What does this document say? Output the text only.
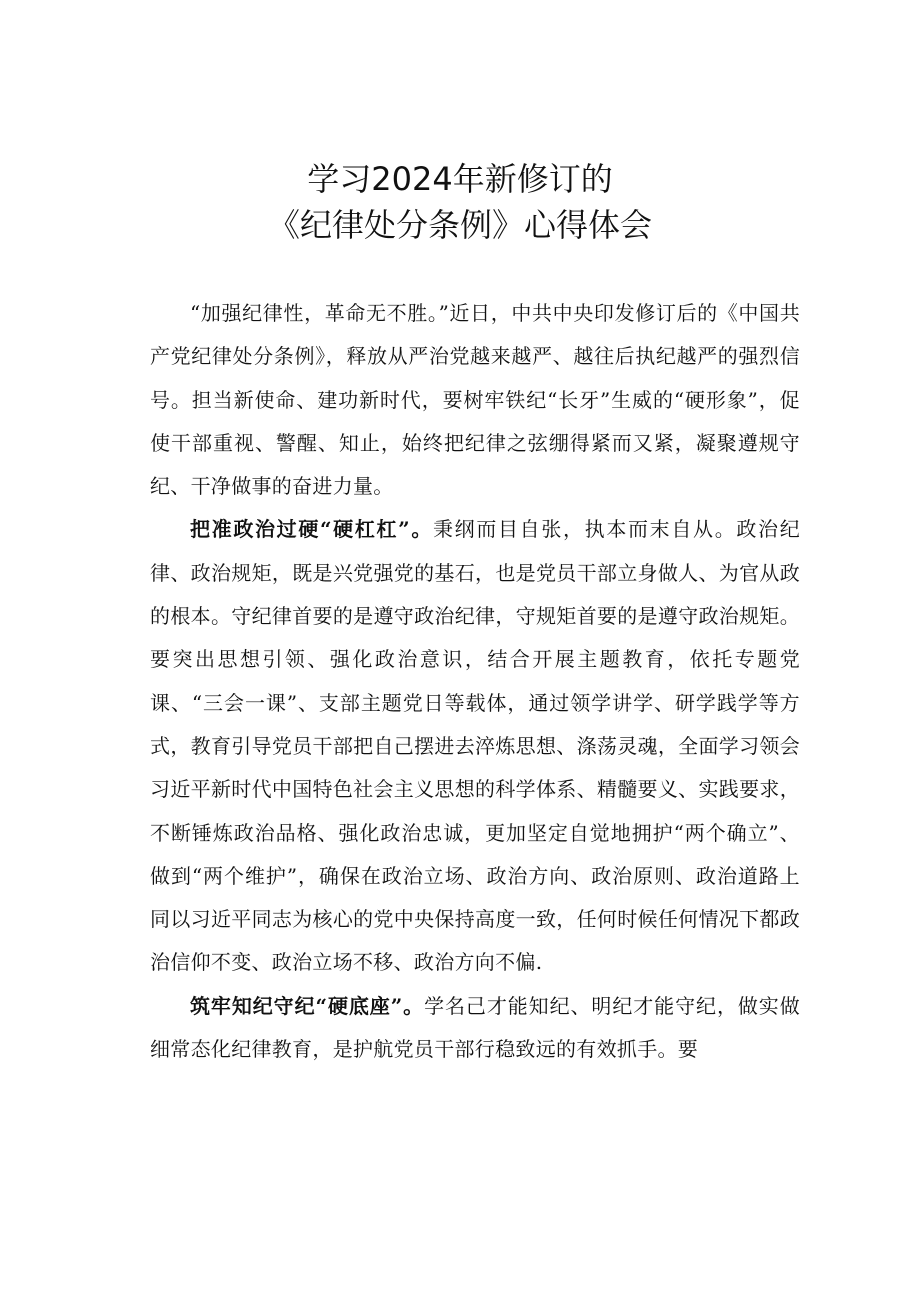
学习2024年新修订的
《纪律处分条例》心得体会

“加强纪律性，革命无不胜。”近日，中共中央印发修订后的《中国共产党纪律处分条例》，释放从严治党越来越严、越往后执纪越严的强烈信号。担当新使命、建功新时代，要树牢铁纪“长牙”生威的“硬形象”，促使干部重视、警醒、知止，始终把纪律之弦绷得紧而又紧，凝聚遵规守纪、干净做事的奋进力量。

把准政治过硬“硬杠杠”。秉纲而目自张，执本而末自从。政治纪律、政治规矩，既是兴党强党的基石，也是党员干部立身做人、为官从政的根本。守纪律首要的是遵守政治纪律，守规矩首要的是遵守政治规矩。要突出思想引领、强化政治意识，结合开展主题教育，依托专题党课、“三会一课”、支部主题党日等载体，通过领学讲学、研学践学等方式，教育引导党员干部把自己摆进去淬炼思想、涤荡灵魂，全面学习领会习近平新时代中国特色社会主义思想的科学体系、精髓要义、实践要求，不断锤炼政治品格、强化政治忠诚，更加坚定自觉地拥护“两个确立”、做到“两个维护”，确保在政治立场、政治方向、政治原则、政治道路上同以习近平同志为核心的党中央保持高度一致，任何时候任何情况下都政治信仰不变、政治立场不移、政治方向不偏.

筑牢知纪守纪“硬底座”。学名己才能知纪、明纪才能守纪，做实做细常态化纪律教育，是护航党员干部行稳致远的有效抓手。要
